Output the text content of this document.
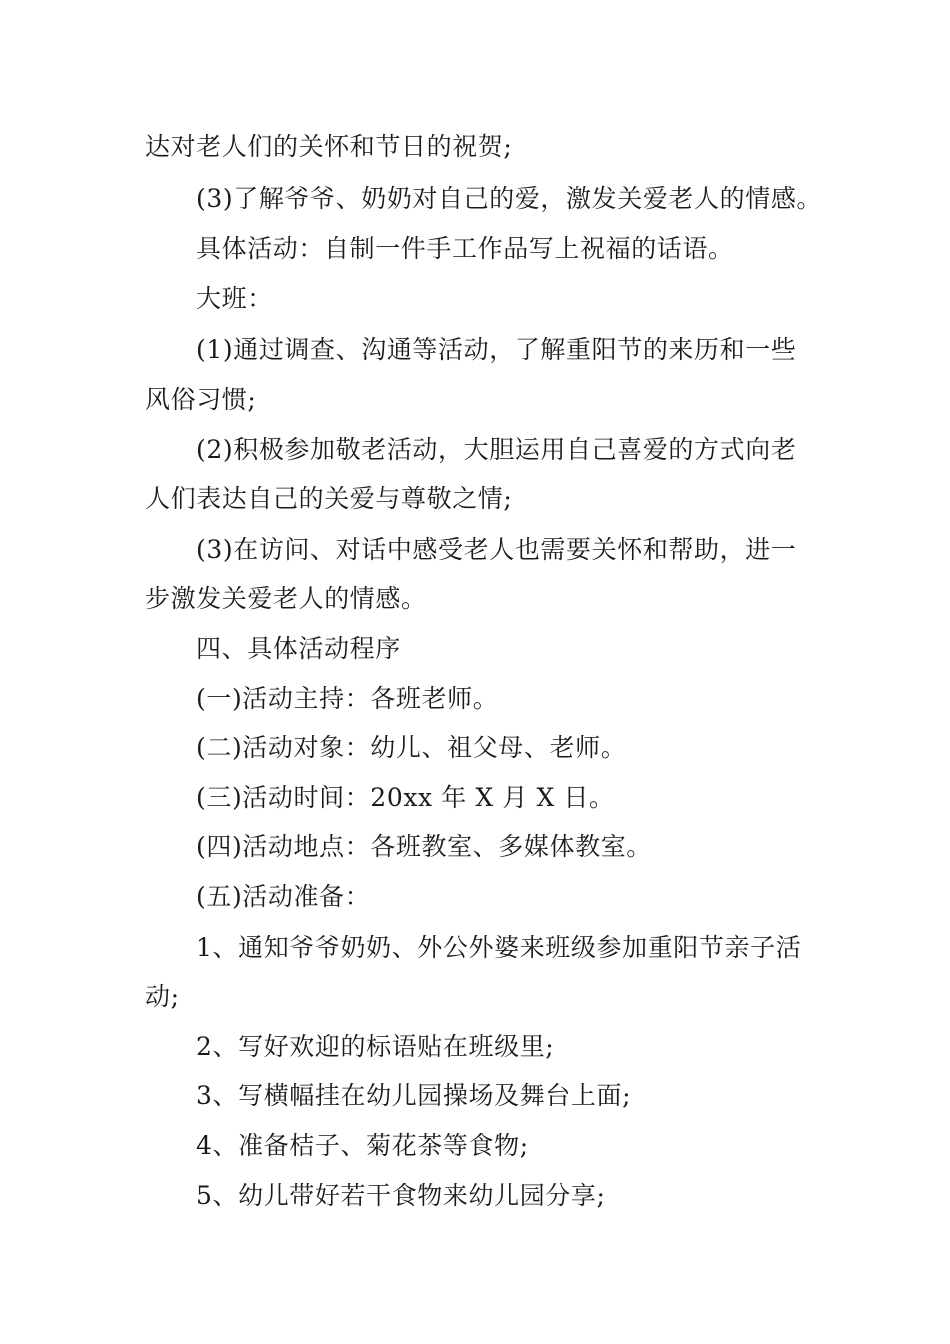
达对老人们的关怀和节日的祝贺;
(3)了解爷爷、奶奶对自己的爱，激发关爱老人的情感。
具体活动：自制一件手工作品写上祝福的话语。
大班：
(1)通过调查、沟通等活动，了解重阳节的来历和一些
风俗习惯;
(2)积极参加敬老活动，大胆运用自己喜爱的方式向老
人们表达自己的关爱与尊敬之情;
(3)在访问、对话中感受老人也需要关怀和帮助，进一
步激发关爱老人的情感。
四、具体活动程序
(一)活动主持：各班老师。
(二)活动对象：幼儿、祖父母、老师。
(三)活动时间：20xx 年 X 月 X 日。
(四)活动地点：各班教室、多媒体教室。
(五)活动准备：
1、通知爷爷奶奶、外公外婆来班级参加重阳节亲子活
动;
2、写好欢迎的标语贴在班级里;
3、写横幅挂在幼儿园操场及舞台上面;
4、准备桔子、菊花茶等食物;
5、幼儿带好若干食物来幼儿园分享;
